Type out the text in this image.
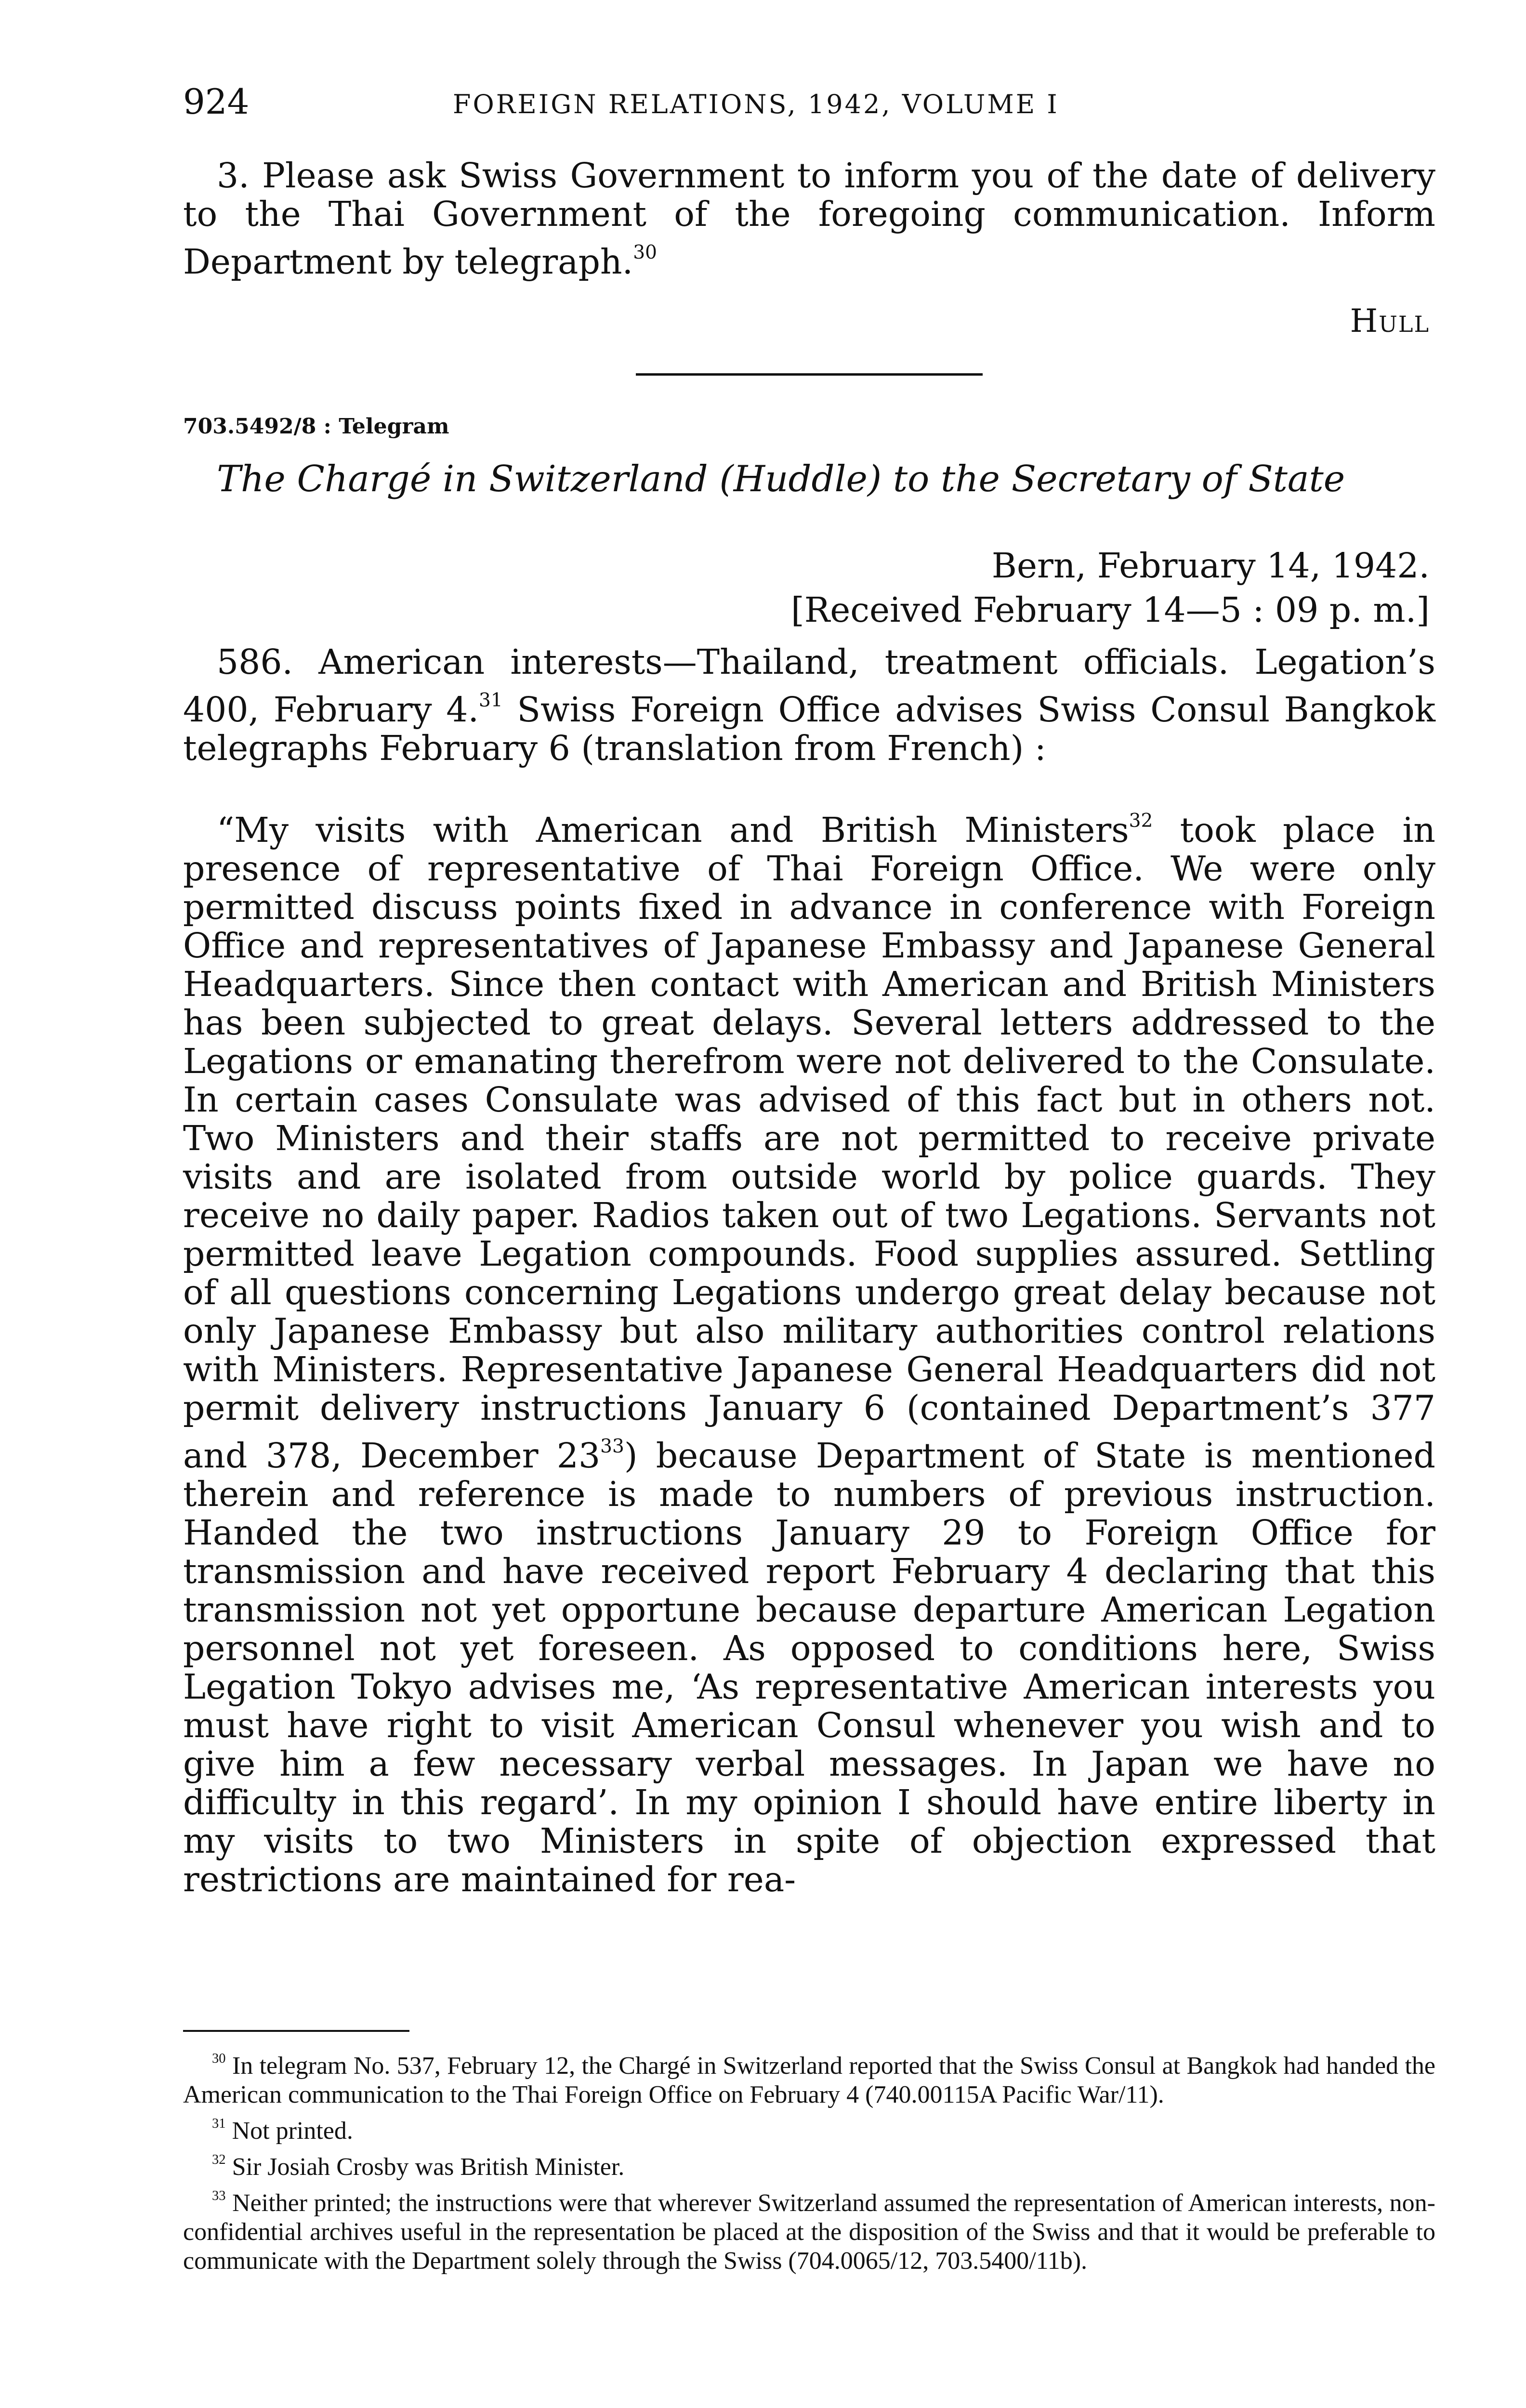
924	FOREIGN RELATIONS, 1942, VOLUME I

3. Please ask Swiss Government to inform you of the date of delivery to the Thai Government of the foregoing communication. Inform Department by telegraph.$^{30}$

Hull
703.5492/8 : Telegram
The Chargé in Switzerland (Huddle) to the Secretary of State
Bern, February 14, 1942.
[Received February 14—5 : 09 p. m.]

586. American interests—Thailand, treatment officials. Legation’s 400, February 4.31 Swiss Foreign Office advises Swiss Consul Bangkok telegraphs February 6 (translation from French) :

“My visits with American and British Ministers$^{32}$ took place in presence of representative of Thai Foreign Office. We were only permitted discuss points fixed in advance in conference with Foreign Office and representatives of Japanese Embassy and Japanese General Headquarters. Since then contact with American and British Ministers has been subjected to great delays. Several letters addressed to the Legations or emanating therefrom were not delivered to the Consulate. In certain cases Consulate was advised of this fact but in others not. Two Ministers and their staffs are not permitted to receive private visits and are isolated from outside world by police guards. They receive no daily paper. Radios taken out of two Legations. Servants not permitted leave Legation compounds. Food supplies assured. Settling of all questions concerning Legations undergo great delay because not only Japanese Embassy but also military authorities control relations with Ministers. Representative Japanese General Headquarters did not permit delivery instructions January 6 (contained Department’s 377 and 378, December 23$^{33}$) because Department of State is mentioned therein and reference is made to numbers of previous instruction. Handed the two instructions January 29 to Foreign Office for transmission and have received report February 4 declaring that this transmission not yet opportune because departure American Legation personnel not yet foreseen. As opposed to conditions here, Swiss Legation Tokyo advises me, ‘As representative American interests you must have right to visit American Consul whenever you wish and to give him a few necessary verbal messages. In Japan we have no difficulty in this regard’. In my opinion I should have entire liberty in my visits to two Ministers in spite of objection expressed that restrictions are maintained for rea-

$^{30}$ In telegram No. 537, February 12, the Chargé in Switzerland reported that the Swiss Consul at Bangkok had handed the American communication to the Thai Foreign Office on February 4 (740.00115A Pacific War/11).

$^{31}$ Not printed.

$^{32}$ Sir Josiah Crosby was British Minister.

$^{33}$ Neither printed; the instructions were that wherever Switzerland assumed the representation of American interests, non-confidential archives useful in the representation be placed at the disposition of the Swiss and that it would be preferable to communicate with the Department solely through the Swiss (704.0065/12, 703.5400/11b).
